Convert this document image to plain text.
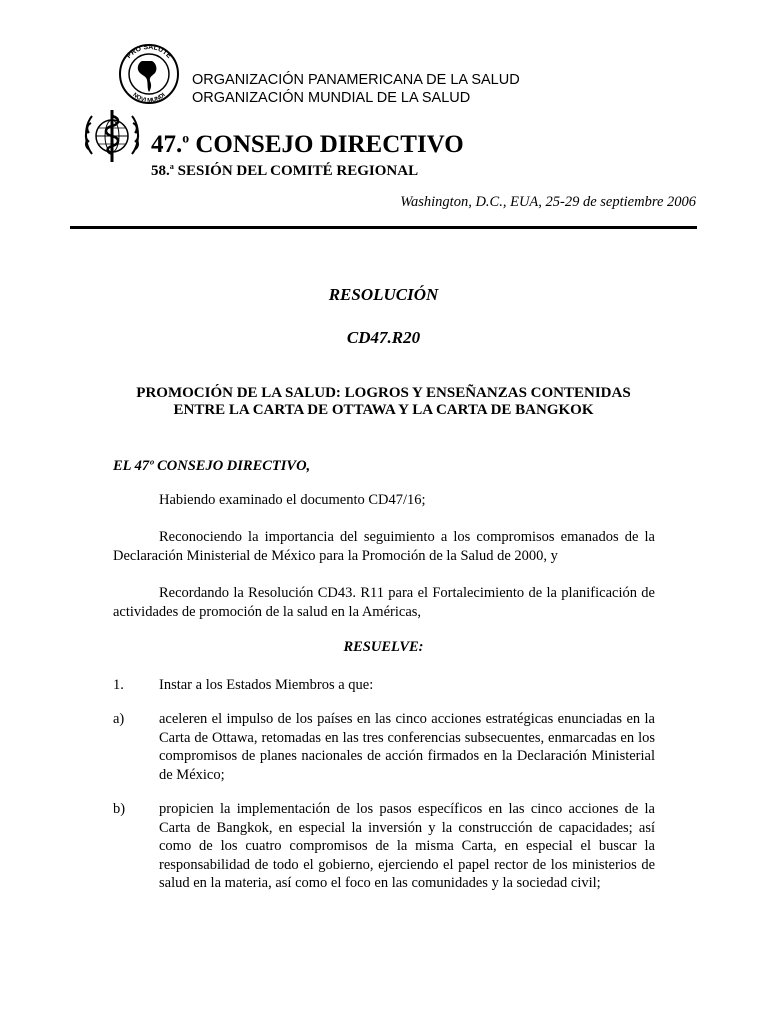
PRO SALUTE
NOVI MUNDI
ORGANIZACIÓN PANAMERICANA DE LA SALUD
ORGANIZACIÓN MUNDIAL DE LA SALUD
47.$^o$ CONSEJO DIRECTIVO
58.$^a$ SESIÓN DEL COMITÉ REGIONAL
Washington, D.C., EUA, 25-29 de septiembre 2006
RESOLUCIÓN
CD47.R20
PROMOCIÓN DE LA SALUD: LOGROS Y ENSEÑANZAS CONTENIDAS
ENTRE LA CARTA DE OTTAWA Y LA CARTA DE BANGKOK
EL 47º CONSEJO DIRECTIVO,
Habiendo examinado el documento CD47/16;
Reconociendo la importancia del seguimiento a los compromisos emanados de la Declaración Ministerial de México para la Promoción de la Salud de 2000, y
Recordando la Resolución CD43. R11 para el Fortalecimiento de la planificación de actividades de promoción de la salud en la Américas,
RESUELVE:
1. Instar a los Estados Miembros a que:
a) aceleren el impulso de los países en las cinco acciones estratégicas enunciadas en la Carta de Ottawa, retomadas en las tres conferencias subsecuentes, enmarcadas en los compromisos de planes nacionales de acción firmados en la Declaración Ministerial de México;
b) propicien la implementación de los pasos específicos en las cinco acciones de la Carta de Bangkok, en especial la inversión y la construcción de capacidades; así como de los cuatro compromisos de la misma Carta, en especial el buscar la responsabilidad de todo el gobierno, ejerciendo el papel rector de los ministerios de salud en la materia, así como el foco en las comunidades y la sociedad civil;
